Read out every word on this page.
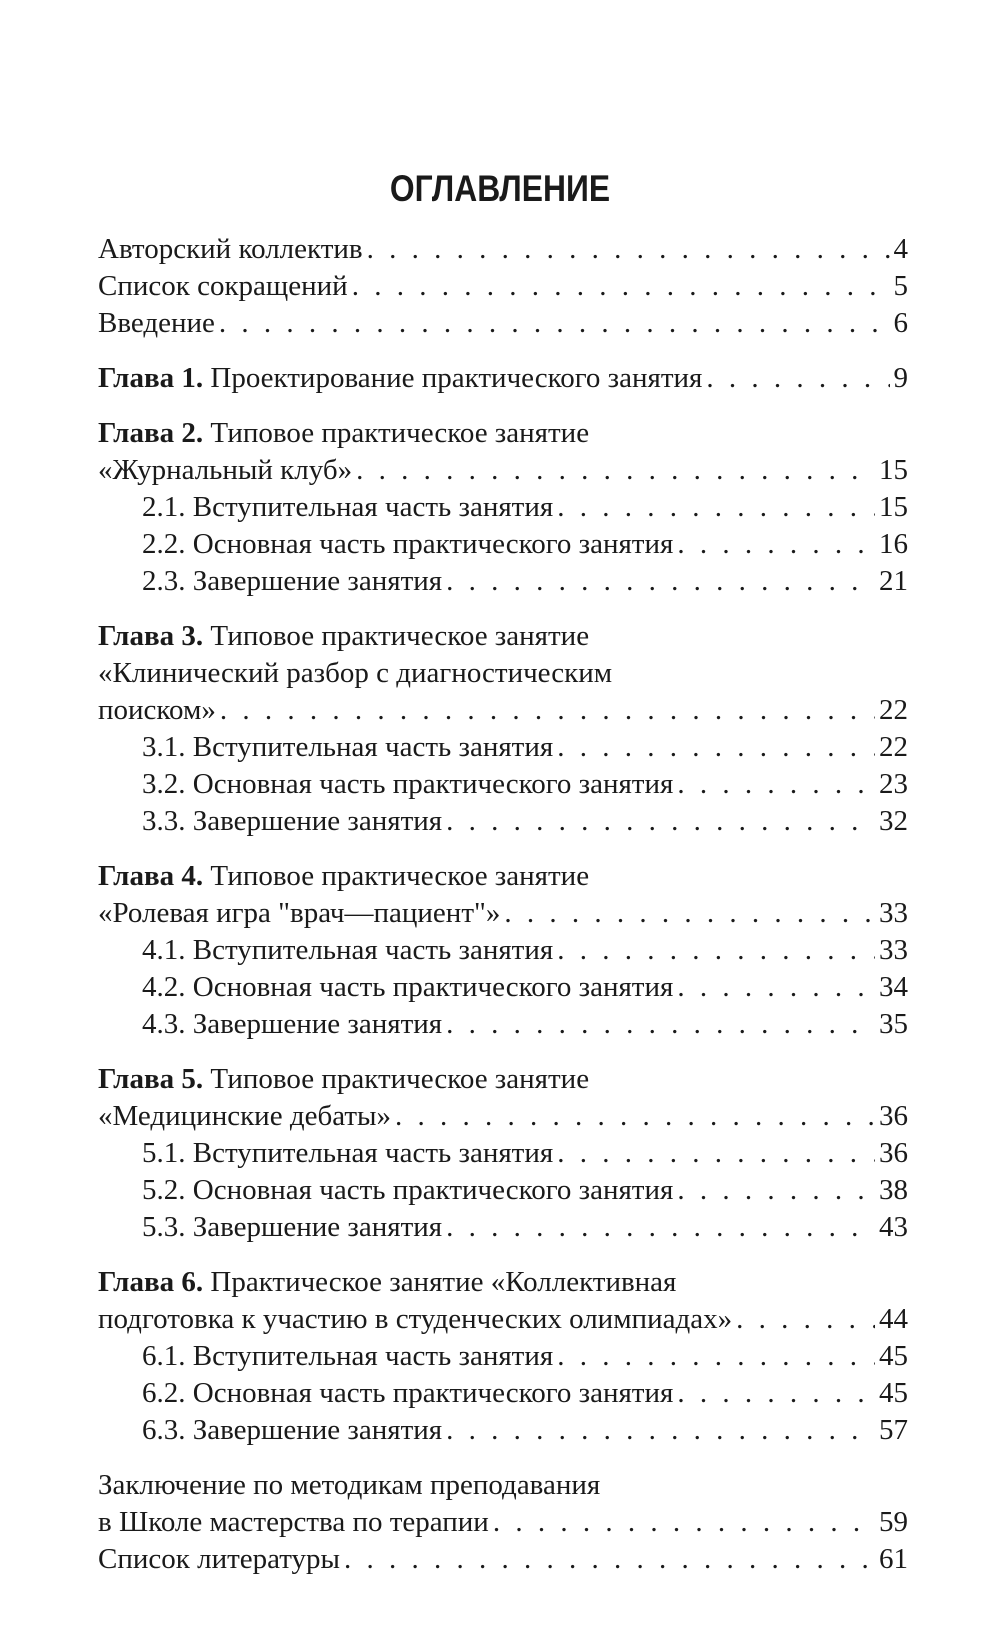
ОГЛАВЛЕНИЕ
Авторский коллектив . . .	4
Список сокращений . . .	5
Введение . . .	6
Глава 1. Проектирование практического занятия . . .	9
Глава 2. Типовое практическое занятие
«Журнальный клуб» . . .	15
2.1. Вступительная часть занятия . . .	15
2.2. Основная часть практического занятия . . .	16
2.3. Завершение занятия . . .	21
Глава 3. Типовое практическое занятие
«Клинический разбор с диагностическим
поиском» . . .	22
3.1. Вступительная часть занятия . . .	22
3.2. Основная часть практического занятия . . .	23
3.3. Завершение занятия . . .	32
Глава 4. Типовое практическое занятие
«Ролевая игра "врач—пациент"» . . .	33
4.1. Вступительная часть занятия . . .	33
4.2. Основная часть практического занятия . . .	34
4.3. Завершение занятия . . .	35
Глава 5. Типовое практическое занятие
«Медицинские дебаты» . . .	36
5.1. Вступительная часть занятия . . .	36
5.2. Основная часть практического занятия . . .	38
5.3. Завершение занятия . . .	43
Глава 6. Практическое занятие «Коллективная
подготовка к участию в студенческих олимпиадах» . . .	44
6.1. Вступительная часть занятия . . .	45
6.2. Основная часть практического занятия . . .	45
6.3. Завершение занятия . . .	57
Заключение по методикам преподавания
в Школе мастерства по терапии . . .	59
Список литературы . . .	61
